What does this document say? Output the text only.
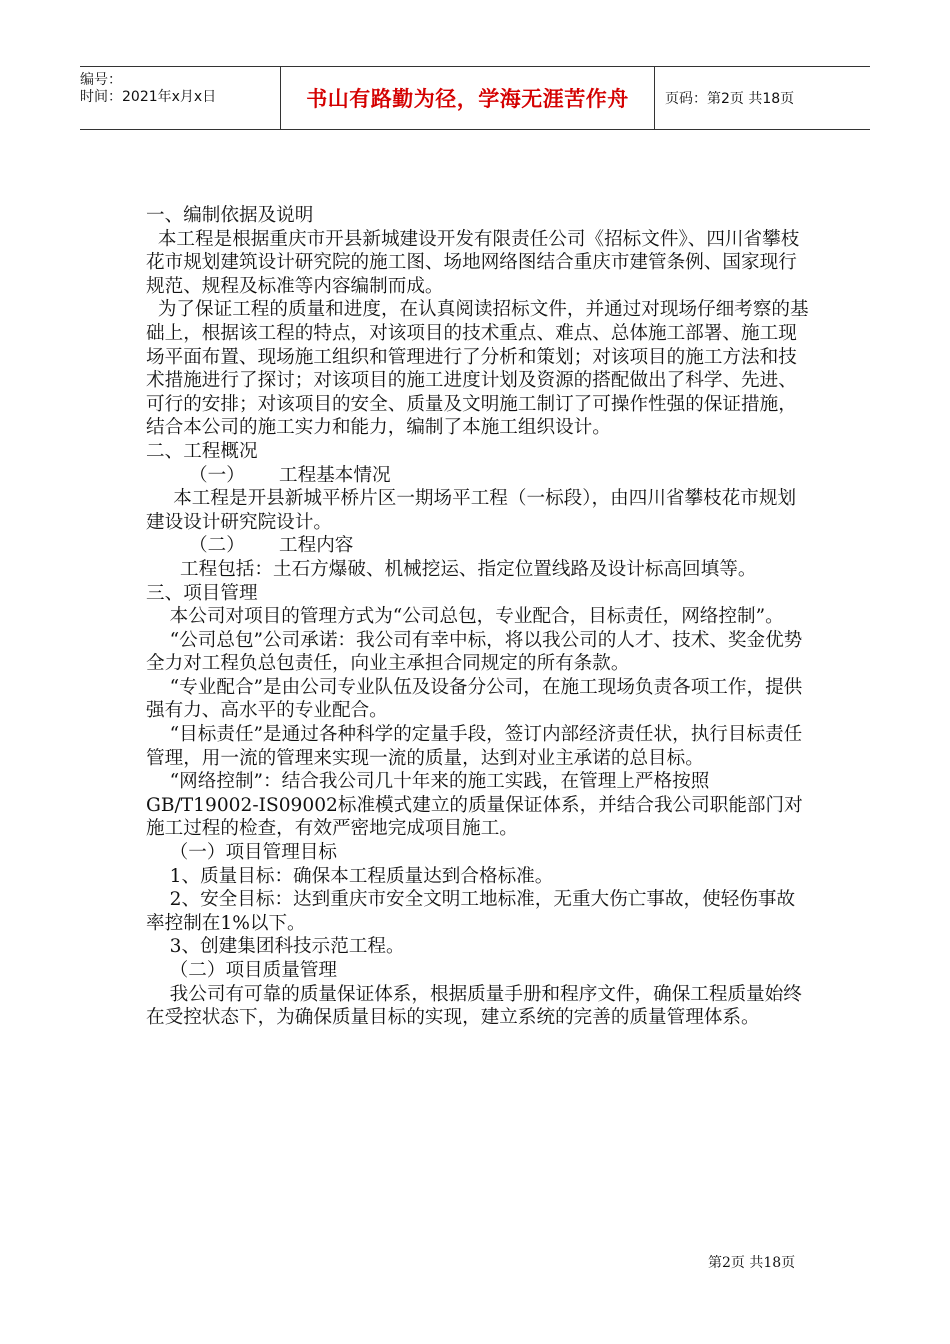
编号：
时间：2021年x月x日	书山有路勤为径，学海无涯苦作舟	页码：第2页 共18页

一、编制依据及说明

本工程是根据重庆市开县新城建设开发有限责任公司《招标文件》、四川省攀枝花市规划建筑设计研究院的施工图、场地网络图结合重庆市建管条例、国家现行规范、规程及标准等内容编制而成。

为了保证工程的质量和进度，在认真阅读招标文件，并通过对现场仔细考察的基础上，根据该工程的特点，对该项目的技术重点、难点、总体施工部署、施工现场平面布置、现场施工组织和管理进行了分析和策划；对该项目的施工方法和技术措施进行了探讨；对该项目的施工进度计划及资源的搭配做出了科学、先进、可行的安排；对该项目的安全、质量及文明施工制订了可操作性强的保证措施，结合本公司的施工实力和能力，编制了本施工组织设计。

二、工程概况

（一） 工程基本情况

本工程是开县新城平桥片区一期场平工程（一标段），由四川省攀枝花市规划建设设计研究院设计。

（二） 工程内容

工程包括：土石方爆破、机械挖运、指定位置线路及设计标高回填等。

三、项目管理

本公司对项目的管理方式为“公司总包，专业配合，目标责任，网络控制”。

“公司总包”公司承诺：我公司有幸中标，将以我公司的人才、技术、奖金优势全力对工程负总包责任，向业主承担合同规定的所有条款。

“专业配合”是由公司专业队伍及设备分公司，在施工现场负责各项工作，提供强有力、高水平的专业配合。

“目标责任”是通过各种科学的定量手段，签订内部经济责任状，执行目标责任管理，用一流的管理来实现一流的质量，达到对业主承诺的总目标。

“网络控制”：结合我公司几十年来的施工实践，在管理上严格按照GB/T19002-IS09002标准模式建立的质量保证体系，并结合我公司职能部门对施工过程的检查，有效严密地完成项目施工。

（一）项目管理目标

1、质量目标：确保本工程质量达到合格标准。

2、安全目标：达到重庆市安全文明工地标准，无重大伤亡事故，使轻伤事故率控制在1%以下。

3、创建集团科技示范工程。

（二）项目质量管理

我公司有可靠的质量保证体系，根据质量手册和程序文件，确保工程质量始终在受控状态下，为确保质量目标的实现，建立系统的完善的质量管理体系。

第2页 共18页
